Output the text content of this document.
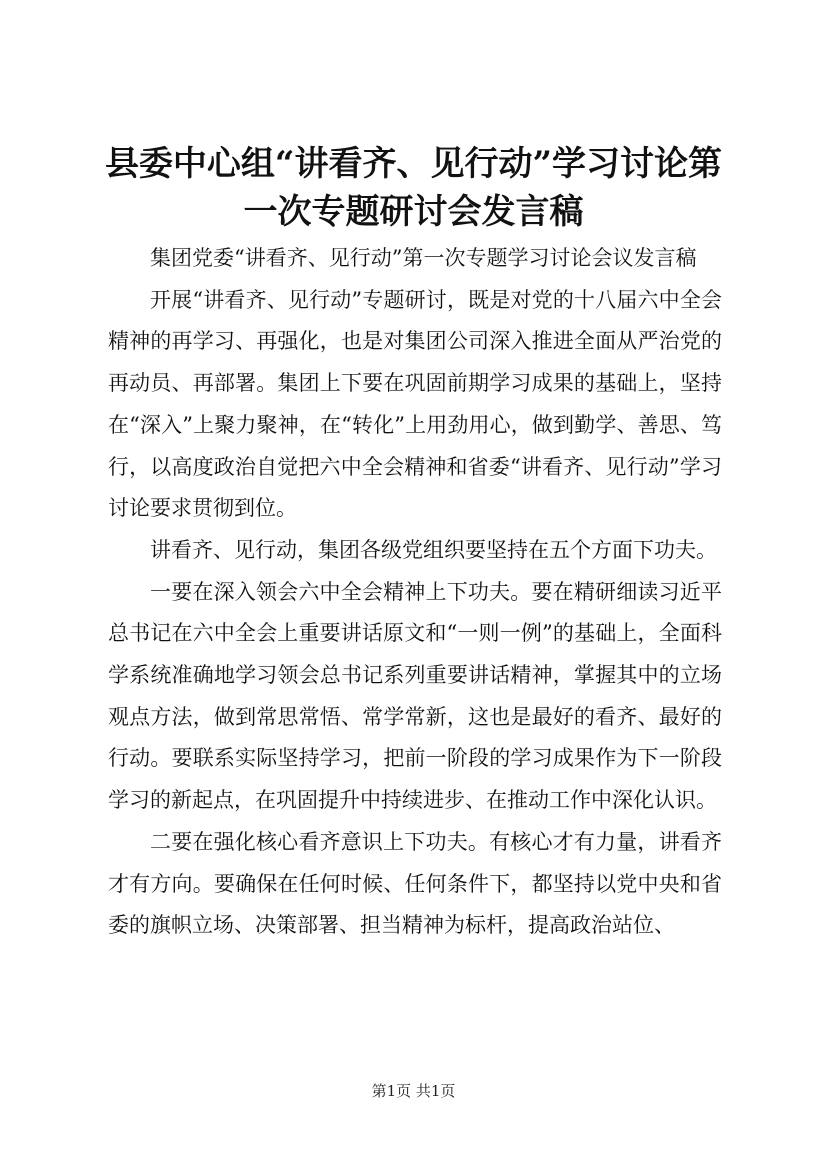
县委中心组“讲看齐、见行动”学习讨论第一次专题研讨会发言稿

集团党委“讲看齐、见行动”第一次专题学习讨论会议发言稿

开展“讲看齐、见行动”专题研讨，既是对党的十八届六中全会精神的再学习、再强化，也是对集团公司深入推进全面从严治党的再动员、再部署。集团上下要在巩固前期学习成果的基础上，坚持在“深入”上聚力聚神，在“转化”上用劲用心，做到勤学、善思、笃行，以高度政治自觉把六中全会精神和省委“讲看齐、见行动”学习讨论要求贯彻到位。

讲看齐、见行动，集团各级党组织要坚持在五个方面下功夫。

一要在深入领会六中全会精神上下功夫。要在精研细读习近平总书记在六中全会上重要讲话原文和“一则一例”的基础上，全面科学系统准确地学习领会总书记系列重要讲话精神，掌握其中的立场观点方法，做到常思常悟、常学常新，这也是最好的看齐、最好的行动。要联系实际坚持学习，把前一阶段的学习成果作为下一阶段学习的新起点，在巩固提升中持续进步、在推动工作中深化认识。

二要在强化核心看齐意识上下功夫。有核心才有力量，讲看齐才有方向。要确保在任何时候、任何条件下，都坚持以党中央和省委的旗帜立场、决策部署、担当精神为标杆，提高政治站位、

第1页 共1页
